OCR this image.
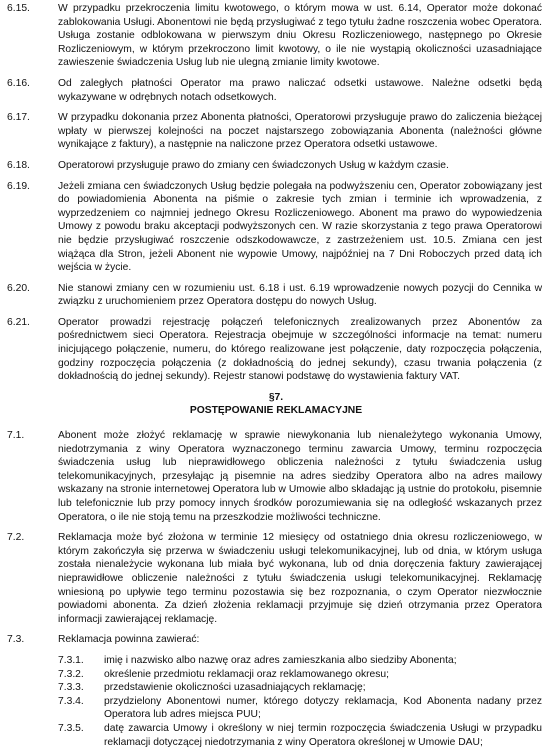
6.15.	W przypadku przekroczenia limitu kwotowego, o którym mowa w ust. 6.14, Operator może dokonać zablokowania Usługi. Abonentowi nie będą przysługiwać z tego tytułu żadne roszczenia wobec Operatora. Usługa zostanie odblokowana w pierwszym dniu Okresu Rozliczeniowego, następnego po Okresie Rozliczeniowym, w którym przekroczono limit kwotowy, o ile nie wystąpią okoliczności uzasadniające zawieszenie świadczenia Usług lub nie ulegną zmianie limity kwotowe.
6.16.	Od zaległych płatności Operator ma prawo naliczać odsetki ustawowe. Należne odsetki będą wykazywane w odrębnych notach odsetkowych.
6.17.	W przypadku dokonania przez Abonenta płatności, Operatorowi przysługuje prawo do zaliczenia bieżącej wpłaty w pierwszej kolejności na poczet najstarszego zobowiązania Abonenta (należności główne wynikające z faktury), a następnie na naliczone przez Operatora odsetki ustawowe.
6.18.	Operatorowi przysługuje prawo do zmiany cen świadczonych Usług w każdym czasie.
6.19.	Jeżeli zmiana cen świadczonych Usług będzie polegała na podwyższeniu cen, Operator zobowiązany jest do powiadomienia Abonenta na piśmie o zakresie tych zmian i terminie ich wprowadzenia, z wyprzedzeniem co najmniej jednego Okresu Rozliczeniowego. Abonent ma prawo do wypowiedzenia Umowy z powodu braku akceptacji podwyższonych cen. W razie skorzystania z tego prawa Operatorowi nie będzie przysługiwać roszczenie odszkodowawcze, z zastrzeżeniem ust. 10.5. Zmiana cen jest wiążąca dla Stron, jeżeli Abonent nie wypowie Umowy, najpóźniej na 7 Dni Roboczych przed datą ich wejścia w życie.
6.20.	Nie stanowi zmiany cen w rozumieniu ust. 6.18 i ust. 6.19 wprowadzenie nowych pozycji do Cennika w związku z uruchomieniem przez Operatora dostępu do nowych Usług.
6.21.	Operator prowadzi rejestrację połączeń telefonicznych zrealizowanych przez Abonentów za pośrednictwem sieci Operatora. Rejestracja obejmuje w szczególności informacje na temat: numeru inicjującego połączenie, numeru, do którego realizowane jest połączenie, daty rozpoczęcia połączenia, godziny rozpoczęcia połączenia (z dokładnością do jednej sekundy), czasu trwania połączenia (z dokładnością do jednej sekundy). Rejestr stanowi podstawę do wystawienia faktury VAT.
§7.
POSTĘPOWANIE REKLAMACYJNE
7.1.	Abonent może złożyć reklamację w sprawie niewykonania lub nienależytego wykonania Umowy, niedotrzymania z winy Operatora wyznaczonego terminu zawarcia Umowy, terminu rozpoczęcia świadczenia usług lub nieprawidłowego obliczenia należności z tytułu świadczenia usług telekomunikacyjnych, przesyłając ją pisemnie na adres siedziby Operatora albo na adres mailowy wskazany na stronie internetowej Operatora lub w Umowie albo składając ją ustnie do protokołu, pisemnie lub telefonicznie lub przy pomocy innych środków porozumiewania się na odległość wskazanych przez Operatora, o ile nie stoją temu na przeszkodzie możliwości techniczne.
7.2.	Reklamacja może być złożona w terminie 12 miesięcy od ostatniego dnia okresu rozliczeniowego, w którym zakończyła się przerwa w świadczeniu usługi telekomunikacyjnej, lub od dnia, w którym usługa została nienależycie wykonana lub miała być wykonana, lub od dnia doręczenia faktury zawierającej nieprawidłowe obliczenie należności z tytułu świadczenia usługi telekomunikacyjnej. Reklamację wniesioną po upływie tego terminu pozostawia się bez rozpoznania, o czym Operator niezwłocznie powiadomi abonenta. Za dzień złożenia reklamacji przyjmuje się dzień otrzymania przez Operatora informacji zawierającej reklamację.
7.3.	Reklamacja powinna zawierać:
7.3.1. imię i nazwisko albo nazwę oraz adres zamieszkania albo siedziby Abonenta;
7.3.2. określenie przedmiotu reklamacji oraz reklamowanego okresu;
7.3.3. przedstawienie okoliczności uzasadniających reklamację;
7.3.4. przydzielony Abonentowi numer, którego dotyczy reklamacja, Kod Abonenta nadany przez Operatora lub adres miejsca PUU;
7.3.5. datę zawarcia Umowy i określony w niej termin rozpoczęcia świadczenia Usługi w przypadku reklamacji dotyczącej niedotrzymania z winy Operatora określonej w Umowie DAU;
